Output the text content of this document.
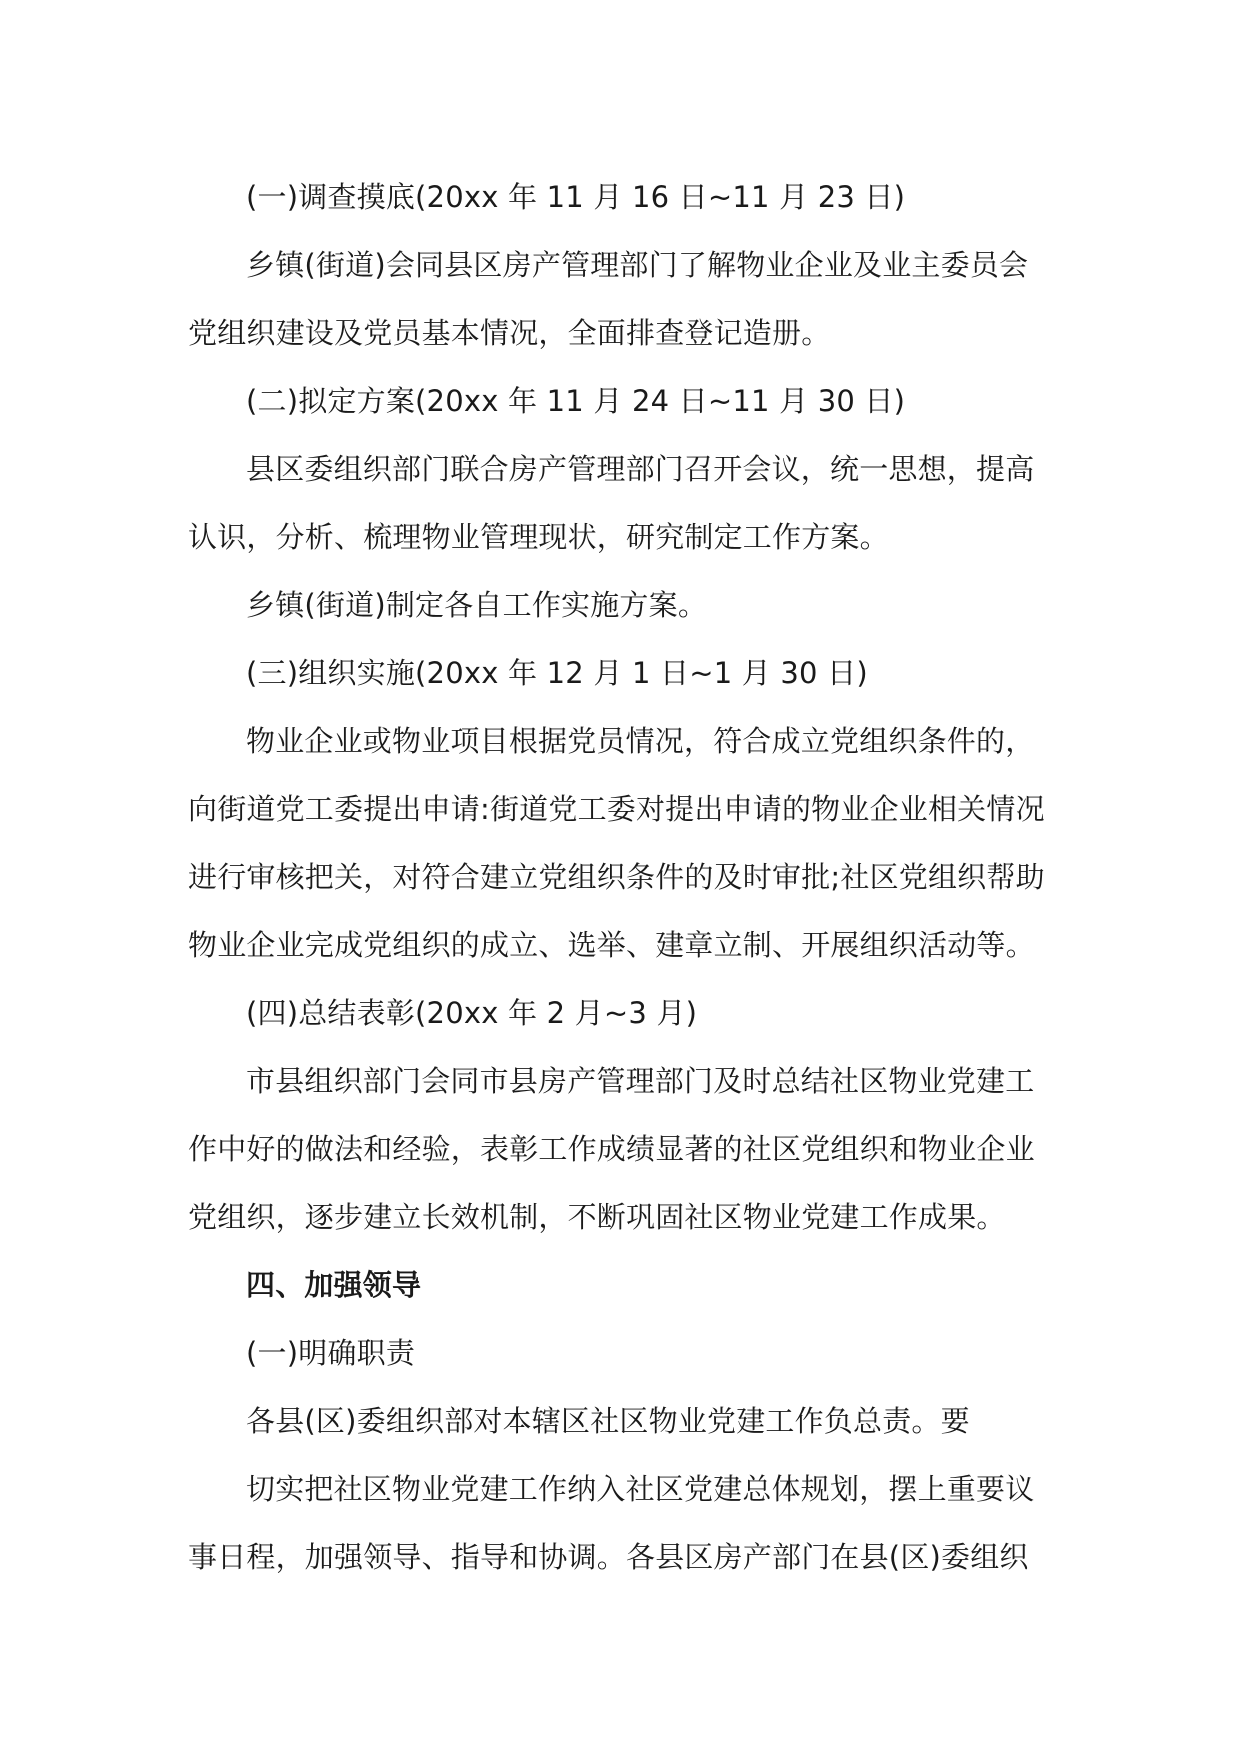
(一)调查摸底(20xx 年 11 月 16 日~11 月 23 日)
乡镇(街道)会同县区房产管理部门了解物业企业及业主委员会
党组织建设及党员基本情况，全面排查登记造册。
(二)拟定方案(20xx 年 11 月 24 日~11 月 30 日)
县区委组织部门联合房产管理部门召开会议，统一思想，提高
认识，分析、梳理物业管理现状，研究制定工作方案。
乡镇(街道)制定各自工作实施方案。
(三)组织实施(20xx 年 12 月 1 日~1 月 30 日)
物业企业或物业项目根据党员情况，符合成立党组织条件的，
向街道党工委提出申请:街道党工委对提出申请的物业企业相关情况
进行审核把关，对符合建立党组织条件的及时审批;社区党组织帮助
物业企业完成党组织的成立、选举、建章立制、开展组织活动等。
(四)总结表彰(20xx 年 2 月~3 月)
市县组织部门会同市县房产管理部门及时总结社区物业党建工
作中好的做法和经验，表彰工作成绩显著的社区党组织和物业企业
党组织，逐步建立长效机制，不断巩固社区物业党建工作成果。
四、加强领导
(一)明确职责
各县(区)委组织部对本辖区社区物业党建工作负总责。要
切实把社区物业党建工作纳入社区党建总体规划，摆上重要议
事日程，加强领导、指导和协调。各县区房产部门在县(区)委组织
